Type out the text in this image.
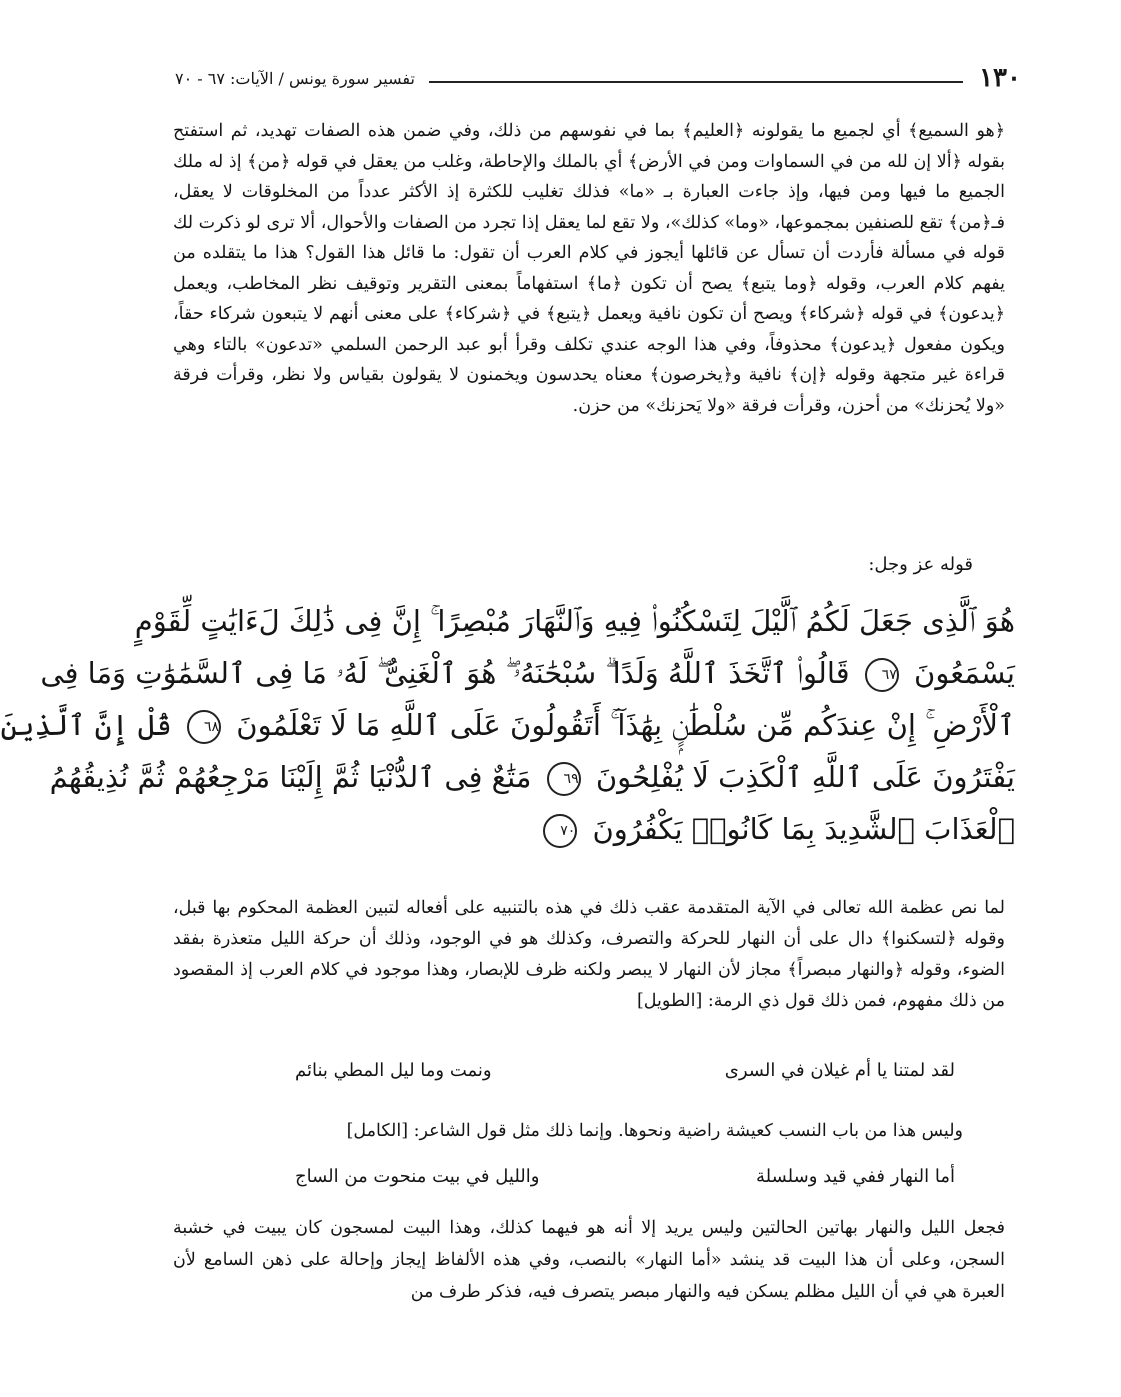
١٣٠
تفسير سورة يونس / الآيات: ٦٧ - ٧٠

﴿هو السميع﴾ أي لجميع ما يقولونه ﴿العليم﴾ بما في نفوسهم من ذلك، وفي ضمن هذه الصفات تهديد، ثم استفتح بقوله ﴿ألا إن لله من في السماوات ومن في الأرض﴾ أي بالملك والإحاطة، وغلب من يعقل في قوله ﴿من﴾ إذ له ملك الجميع ما فيها ومن فيها، وإذ جاءت العبارة بـ «ما» فذلك تغليب للكثرة إذ الأكثر عدداً من المخلوقات لا يعقل، فـ﴿من﴾ تقع للصنفين بمجموعها، «وما» كذلك»، ولا تقع لما يعقل إذا تجرد من الصفات والأحوال، ألا ترى لو ذكرت لك قوله في مسألة فأردت أن تسأل عن قائلها أيجوز في كلام العرب أن تقول: ما قائل هذا القول؟ هذا ما يتقلده من يفهم كلام العرب، وقوله ﴿وما يتبع﴾ يصح أن تكون ﴿ما﴾ استفهاماً بمعنى التقرير وتوقيف نظر المخاطب، ويعمل ﴿يدعون﴾ في قوله ﴿شركاء﴾ ويصح أن تكون نافية ويعمل ﴿يتبع﴾ في ﴿شركاء﴾ على معنى أنهم لا يتبعون شركاء حقاً، ويكون مفعول ﴿يدعون﴾ محذوفاً، وفي هذا الوجه عندي تكلف وقرأ أبو عبد الرحمن السلمي «تدعون» بالتاء وهي قراءة غير متجهة وقوله ﴿إن﴾ نافية و﴿يخرصون﴾ معناه يحدسون ويخمنون لا يقولون بقياس ولا نظر، وقرأت فرقة «ولا يُحزنك» من أحزن، وقرأت فرقة «ولا يَحزنك» من حزن.

قوله عز وجل:

هُوَ ٱلَّذِى جَعَلَ لَكُمُ ٱلَّيْلَ لِتَسْكُنُوا۟ فِيهِ وَٱلنَّهَارَ مُبْصِرًا ۚ إِنَّ فِى ذَٰلِكَ لَءَايَٰتٍ لِّقَوْمٍ
يَسْمَعُونَ ٦٧ قَالُوا۟ ٱتَّخَذَ ٱللَّهُ وَلَدًا ۗ سُبْحَٰنَهُۥ ۖ هُوَ ٱلْغَنِىُّ ۖ لَهُۥ مَا فِى ٱلسَّمَٰوَٰتِ وَمَا فِى
ٱلْأَرْضِ ۚ إِنْ عِندَكُم مِّن سُلْطَٰنٍۭ بِهَٰذَآ ۚ أَتَقُولُونَ عَلَى ٱللَّهِ مَا لَا تَعْلَمُونَ ٦٨ قُلْ إِنَّ ٱلَّذِينَ
يَفْتَرُونَ عَلَى ٱللَّهِ ٱلْكَذِبَ لَا يُفْلِحُونَ ٦٩ مَتَٰعٌ فِى ٱلدُّنْيَا ثُمَّ إِلَيْنَا مَرْجِعُهُمْ ثُمَّ نُذِيقُهُمُ
ٱلْعَذَابَ ٱلشَّدِيدَ بِمَا كَانُوا۟ يَكْفُرُونَ ٧٠

لما نص عظمة الله تعالى في الآية المتقدمة عقب ذلك في هذه بالتنبيه على أفعاله لتبين العظمة المحكوم بها قبل، وقوله ﴿لتسكنوا﴾ دال على أن النهار للحركة والتصرف، وكذلك هو في الوجود، وذلك أن حركة الليل متعذرة بفقد الضوء، وقوله ﴿والنهار مبصراً﴾ مجاز لأن النهار لا يبصر ولكنه ظرف للإبصار، وهذا موجود في كلام العرب إذ المقصود من ذلك مفهوم، فمن ذلك قول ذي الرمة: [الطويل]

لقد لمتنا يا أم غيلان في السرى
ونمت وما ليل المطي بنائم

وليس هذا من باب النسب كعيشة راضية ونحوها. وإنما ذلك مثل قول الشاعر: [الكامل]

أما النهار ففي قيد وسلسلة
والليل في بيت منحوت من الساج

فجعل الليل والنهار بهاتين الحالتين وليس يريد إلا أنه هو فيهما كذلك، وهذا البيت لمسجون كان يبيت في خشبة السجن، وعلى أن هذا البيت قد ينشد «أما النهار» بالنصب، وفي هذه الألفاظ إيجاز وإحالة على ذهن السامع لأن العبرة هي في أن الليل مظلم يسكن فيه والنهار مبصر يتصرف فيه، فذكر طرف من
